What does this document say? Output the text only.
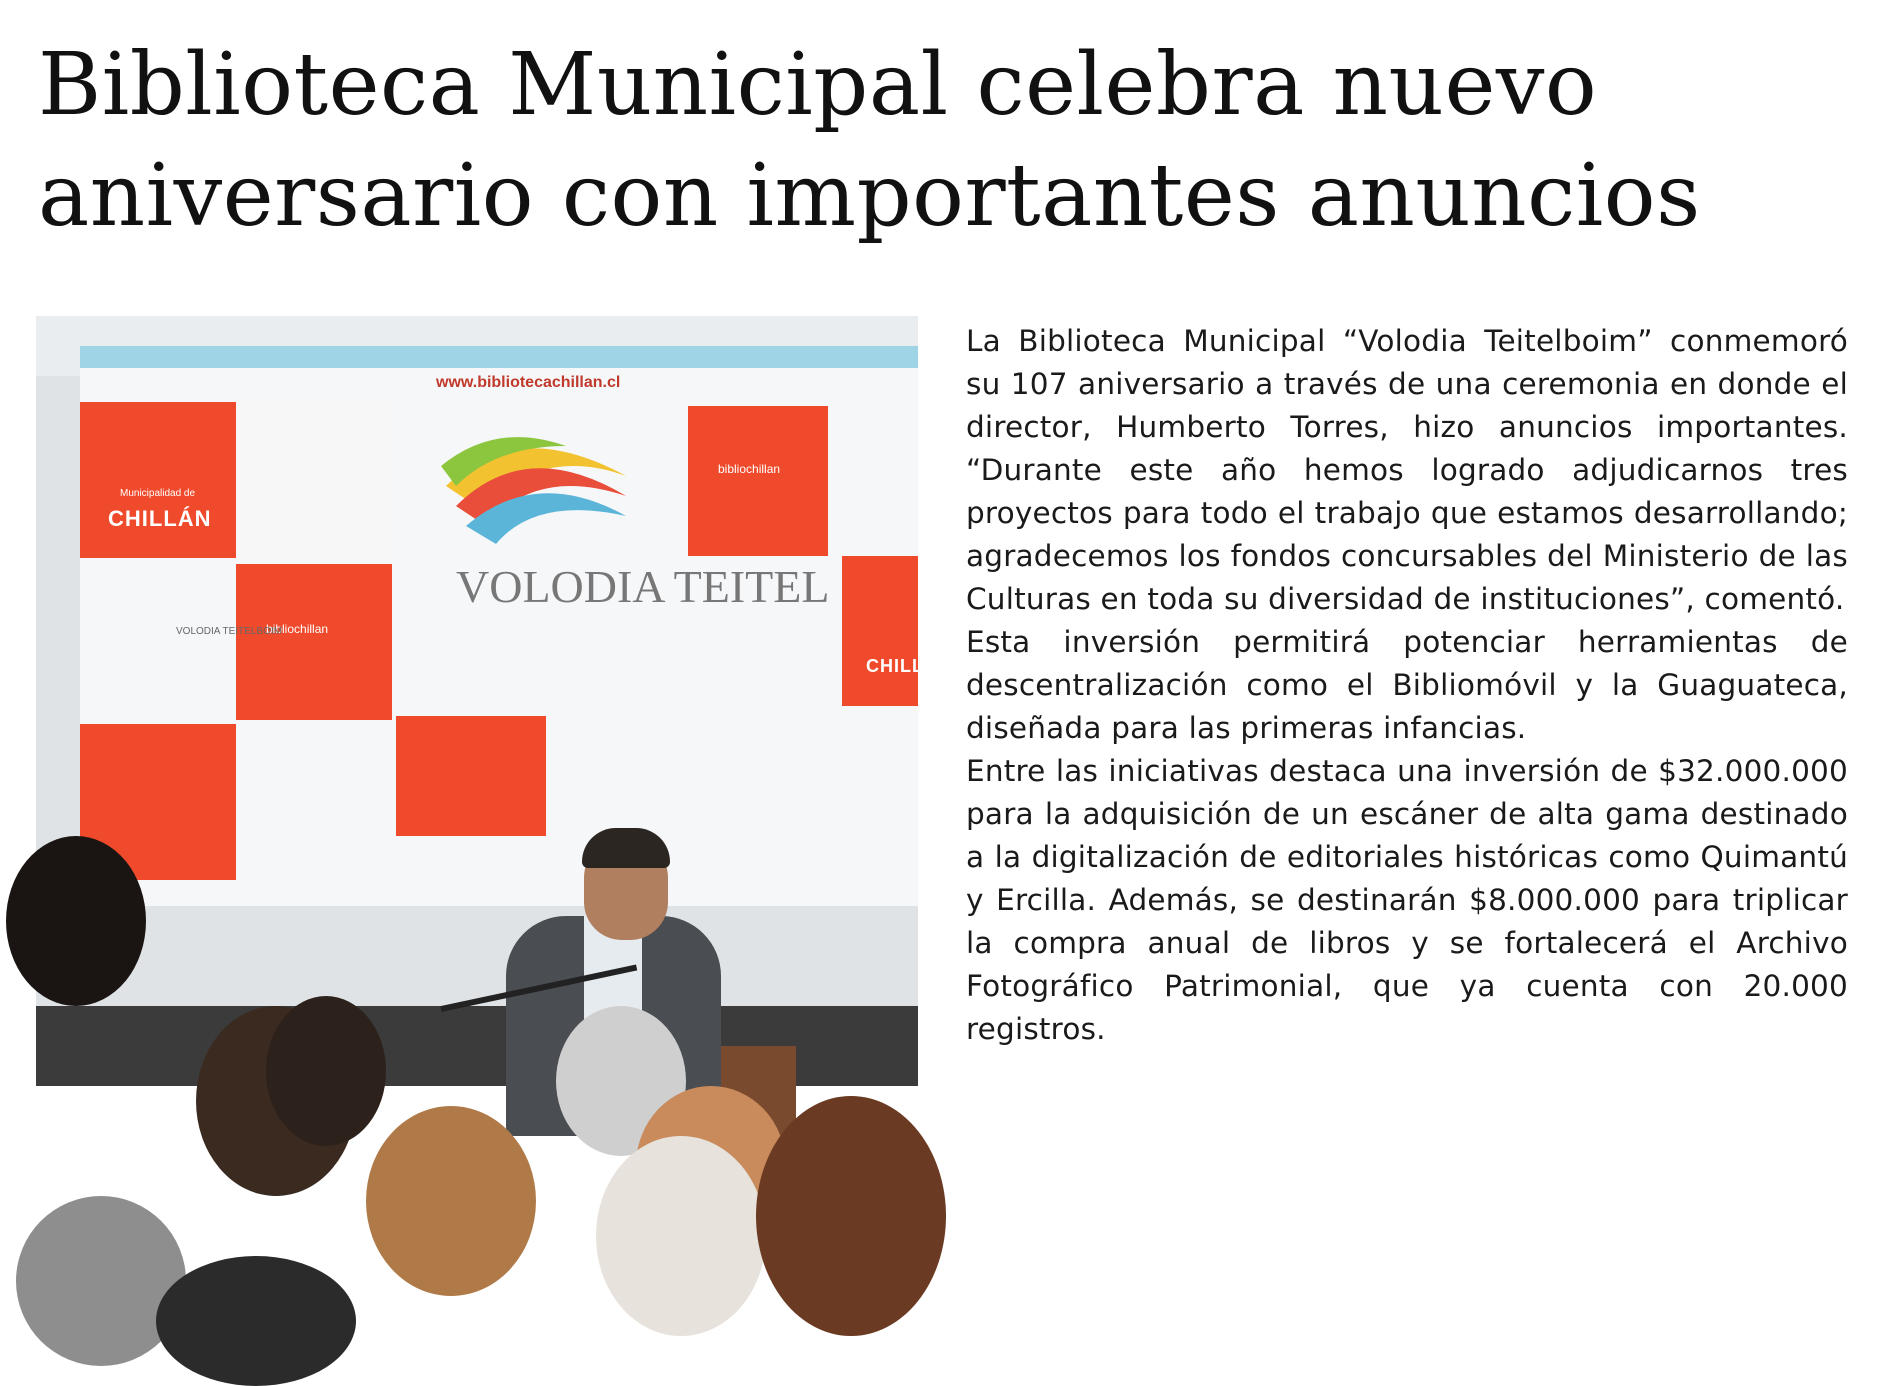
Biblioteca Municipal celebra nuevo
aniversario con importantes anuncios
www.bibliotecachillan.cl
CHILLÁN
CHILLÁN
Municipalidad de
bibliochillan
bibliochillan
VOLODIA TEITEL
VOLODIA TEITELBOIM

La Biblioteca Municipal “Volodia Teitelboim” conmemoró su 107 aniversario a través de una ceremonia en donde el director, Humberto Torres, hizo anuncios importantes. “Durante este año hemos logrado adjudicarnos tres proyectos para todo el trabajo que estamos desarrollando; agradecemos los fondos concursables del Ministerio de las Culturas en toda su diversidad de instituciones”, comentó.

Esta inversión permitirá potenciar herramientas de descentralización como el Bibliomóvil y la Guaguateca, diseñada para las primeras infancias.

Entre las iniciativas destaca una inversión de $32.000.000 para la adquisición de un escáner de alta gama destinado a la digitalización de editoriales históricas como Quimantú y Ercilla. Además, se destinarán $8.000.000 para triplicar la compra anual de libros y se fortalecerá el Archivo Fotográfico Patrimonial, que ya cuenta con 20.000 registros.
